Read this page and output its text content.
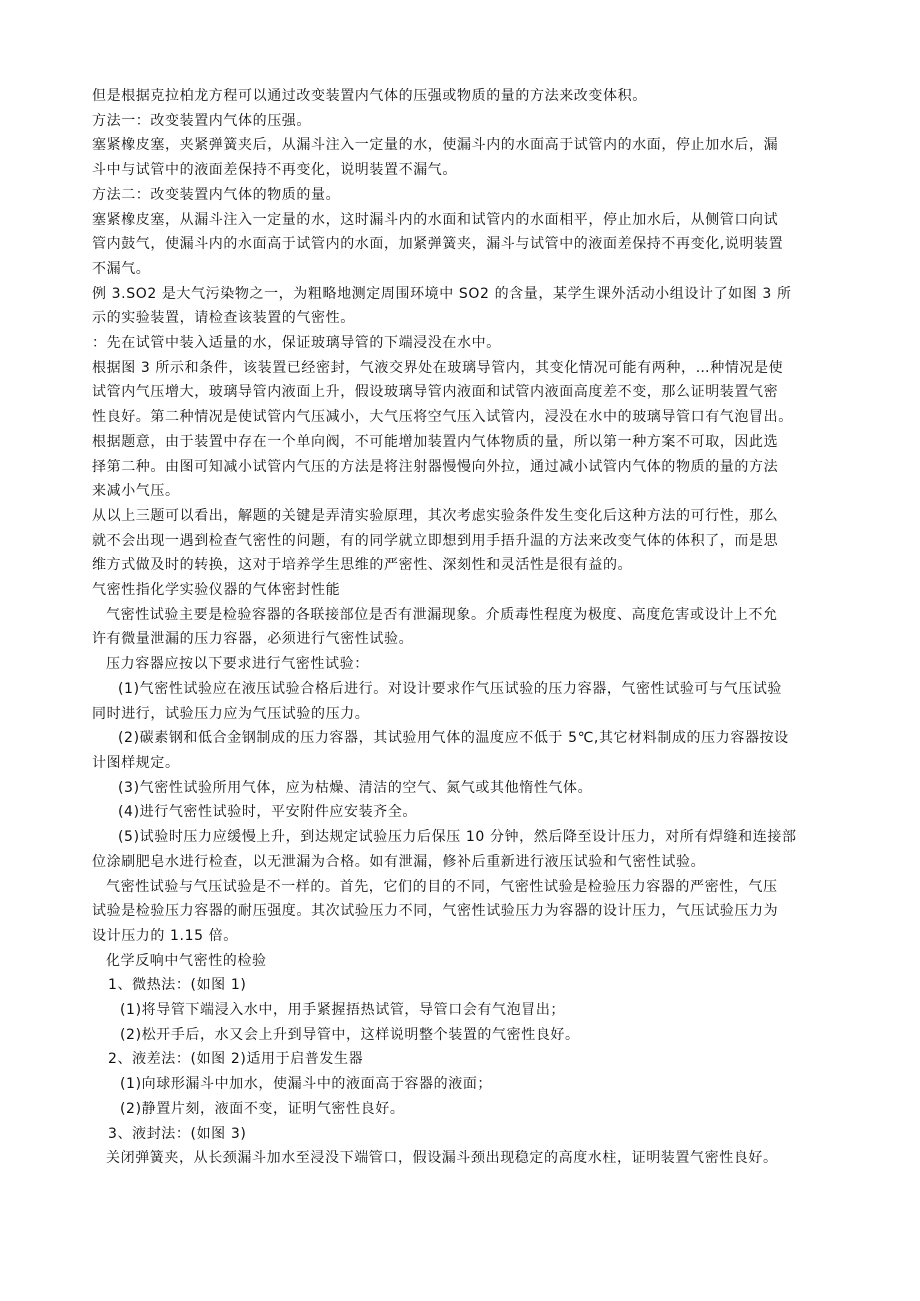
但是根据克拉柏龙方程可以通过改变装置内气体的压强或物质的量的方法来改变体积。

方法一：改变装置内气体的压强。

塞紧橡皮塞，夹紧弹簧夹后，从漏斗注入一定量的水，使漏斗内的水面高于试管内的水面，停止加水后，漏

斗中与试管中的液面差保持不再变化，说明装置不漏气。

方法二：改变装置内气体的物质的量。

塞紧橡皮塞，从漏斗注入一定量的水，这时漏斗内的水面和试管内的水面相平，停止加水后，从侧管口向试

管内鼓气，使漏斗内的水面高于试管内的水面，加紧弹簧夹，漏斗与试管中的液面差保持不再变化,说明装置

不漏气。

例 3.SO2 是大气污染物之一，为粗略地测定周围环境中 SO2 的含量，某学生课外活动小组设计了如图 3 所

示的实验装置，请检查该装置的气密性。

：先在试管中装入适量的水，保证玻璃导管的下端浸没在水中。

根据图 3 所示和条件，该装置已经密封，气液交界处在玻璃导管内，其变化情况可能有两种，…种情况是使

试管内气压增大，玻璃导管内液面上升，假设玻璃导管内液面和试管内液面高度差不变，那么证明装置气密

性良好。第二种情况是使试管内气压减小，大气压将空气压入试管内，浸没在水中的玻璃导管口有气泡冒出。

根据题意，由于装置中存在一个单向阀，不可能增加装置内气体物质的量，所以第一种方案不可取，因此选

择第二种。由图可知减小试管内气压的方法是将注射器慢慢向外拉，通过减小试管内气体的物质的量的方法

来减小气压。

从以上三题可以看出，解题的关键是弄清实验原理，其次考虑实验条件发生变化后这种方法的可行性，那么

就不会出现一遇到检查气密性的问题，有的同学就立即想到用手捂升温的方法来改变气体的体积了，而是思

维方式做及时的转换，这对于培养学生思维的严密性、深刻性和灵活性是很有益的。

气密性指化学实验仪器的气体密封性能

气密性试验主要是检验容器的各联接部位是否有泄漏现象。介质毒性程度为极度、高度危害或设计上不允

许有微量泄漏的压力容器，必须进行气密性试验。

压力容器应按以下要求进行气密性试验：

(1)气密性试验应在液压试验合格后进行。对设计要求作气压试验的压力容器，气密性试验可与气压试验

同时进行，试验压力应为气压试验的压力。

(2)碳素钢和低合金钢制成的压力容器，其试验用气体的温度应不低于 5℃,其它材料制成的压力容器按设

计图样规定。

(3)气密性试验所用气体，应为枯燥、清洁的空气、氮气或其他惰性气体。

(4)进行气密性试验时，平安附件应安装齐全。

(5)试验时压力应缓慢上升，到达规定试验压力后保压 10 分钟，然后降至设计压力，对所有焊缝和连接部

位涂刷肥皂水进行检查，以无泄漏为合格。如有泄漏，修补后重新进行液压试验和气密性试验。

气密性试验与气压试验是不一样的。首先，它们的目的不同，气密性试验是检验压力容器的严密性，气压

试验是检验压力容器的耐压强度。其次试验压力不同，气密性试验压力为容器的设计压力，气压试验压力为

设计压力的 1.15 倍。

化学反响中气密性的检验

1、微热法：(如图 1)

(1)将导管下端浸入水中，用手紧握捂热试管，导管口会有气泡冒出；

(2)松开手后，水又会上升到导管中，这样说明整个装置的气密性良好。

2、液差法：(如图 2)适用于启普发生器

(1)向球形漏斗中加水，使漏斗中的液面高于容器的液面；

(2)静置片刻，液面不变，证明气密性良好。

3、液封法：(如图 3)

关闭弹簧夹，从长颈漏斗加水至浸没下端管口，假设漏斗颈出现稳定的高度水柱，证明装置气密性良好。
